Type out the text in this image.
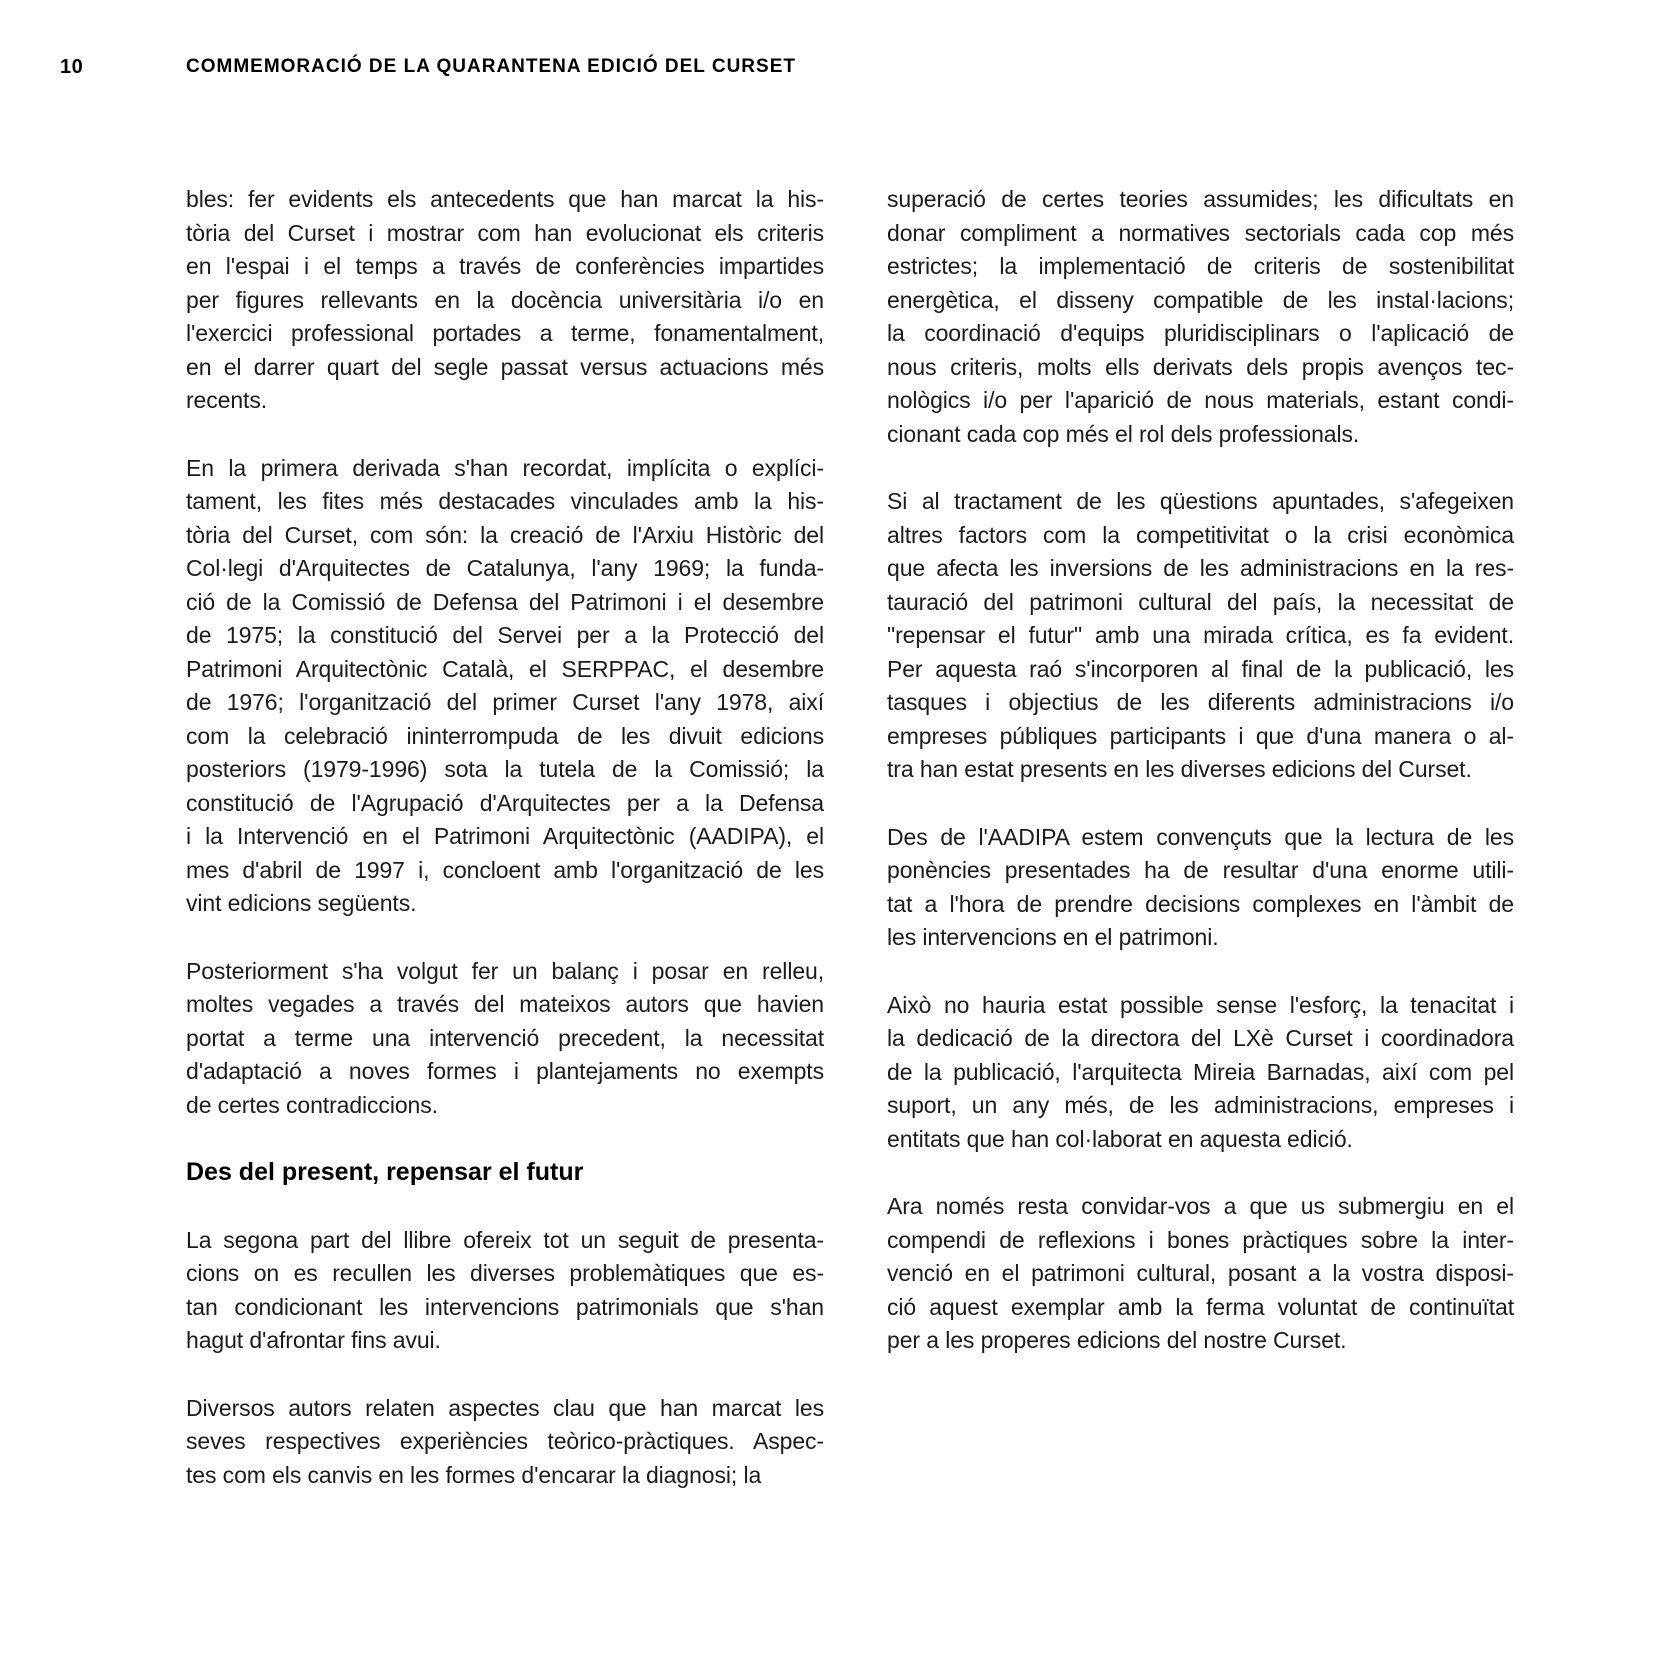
10	COMMEMORACIÓ DE LA QUARANTENA EDICIÓ DEL CURSET

bles: fer evidents els antecedents que han marcat la his-
tòria del Curset i mostrar com han evolucionat els criteris
en l'espai i el temps a través de conferències impartides
per figures rellevants en la docència universitària i/o en
l'exercici professional portades a terme, fonamentalment,
en el darrer quart del segle passat versus actuacions més
recents.

En la primera derivada s'han recordat, implícita o explíci-
tament, les fites més destacades vinculades amb la his-
tòria del Curset, com són: la creació de l'Arxiu Històric del
Col·legi d'Arquitectes de Catalunya, l'any 1969; la funda-
ció de la Comissió de Defensa del Patrimoni i el desembre
de 1975; la constitució del Servei per a la Protecció del
Patrimoni Arquitectònic Català, el SERPPAC, el desembre
de 1976; l'organització del primer Curset l'any 1978, així
com la celebració ininterrompuda de les divuit edicions
posteriors (1979-1996) sota la tutela de la Comissió; la
constitució de l'Agrupació d'Arquitectes per a la Defensa
i la Intervenció en el Patrimoni Arquitectònic (AADIPA), el
mes d'abril de 1997 i, concloent amb l'organització de les
vint edicions següents.

Posteriorment s'ha volgut fer un balanç i posar en relleu,
moltes vegades a través del mateixos autors que havien
portat a terme una intervenció precedent, la necessitat
d'adaptació a noves formes i plantejaments no exempts
de certes contradiccions.

Des del present, repensar el futur

La segona part del llibre ofereix tot un seguit de presenta-
cions on es recullen les diverses problemàtiques que es-
tan condicionant les intervencions patrimonials que s'han
hagut d'afrontar fins avui.

Diversos autors relaten aspectes clau que han marcat les
seves respectives experiències teòrico-pràctiques. Aspec-
tes com els canvis en les formes d'encarar la diagnosi; la

superació de certes teories assumides; les dificultats en
donar compliment a normatives sectorials cada cop més
estrictes; la implementació de criteris de sostenibilitat
energètica, el disseny compatible de les instal·lacions;
la coordinació d'equips pluridisciplinars o l'aplicació de
nous criteris, molts ells derivats dels propis avenços tec-
nològics i/o per l'aparició de nous materials, estant condi-
cionant cada cop més el rol dels professionals.

Si al tractament de les qüestions apuntades, s'afegeixen
altres factors com la competitivitat o la crisi econòmica
que afecta les inversions de les administracions en la res-
tauració del patrimoni cultural del país, la necessitat de
"repensar el futur" amb una mirada crítica, es fa evident.
Per aquesta raó s'incorporen al final de la publicació, les
tasques i objectius de les diferents administracions i/o
empreses públiques participants i que d'una manera o al-
tra han estat presents en les diverses edicions del Curset.

Des de l'AADIPA estem convençuts que la lectura de les
ponències presentades ha de resultar d'una enorme utili-
tat a l'hora de prendre decisions complexes en l'àmbit de
les intervencions en el patrimoni.

Això no hauria estat possible sense l'esforç, la tenacitat i
la dedicació de la directora del LXè Curset i coordinadora
de la publicació, l'arquitecta Mireia Barnadas, així com pel
suport, un any més, de les administracions, empreses i
entitats que han col·laborat en aquesta edició.

Ara només resta convidar-vos a que us submergiu en el
compendi de reflexions i bones pràctiques sobre la inter-
venció en el patrimoni cultural, posant a la vostra disposi-
ció aquest exemplar amb la ferma voluntat de continuïtat
per a les properes edicions del nostre Curset.
